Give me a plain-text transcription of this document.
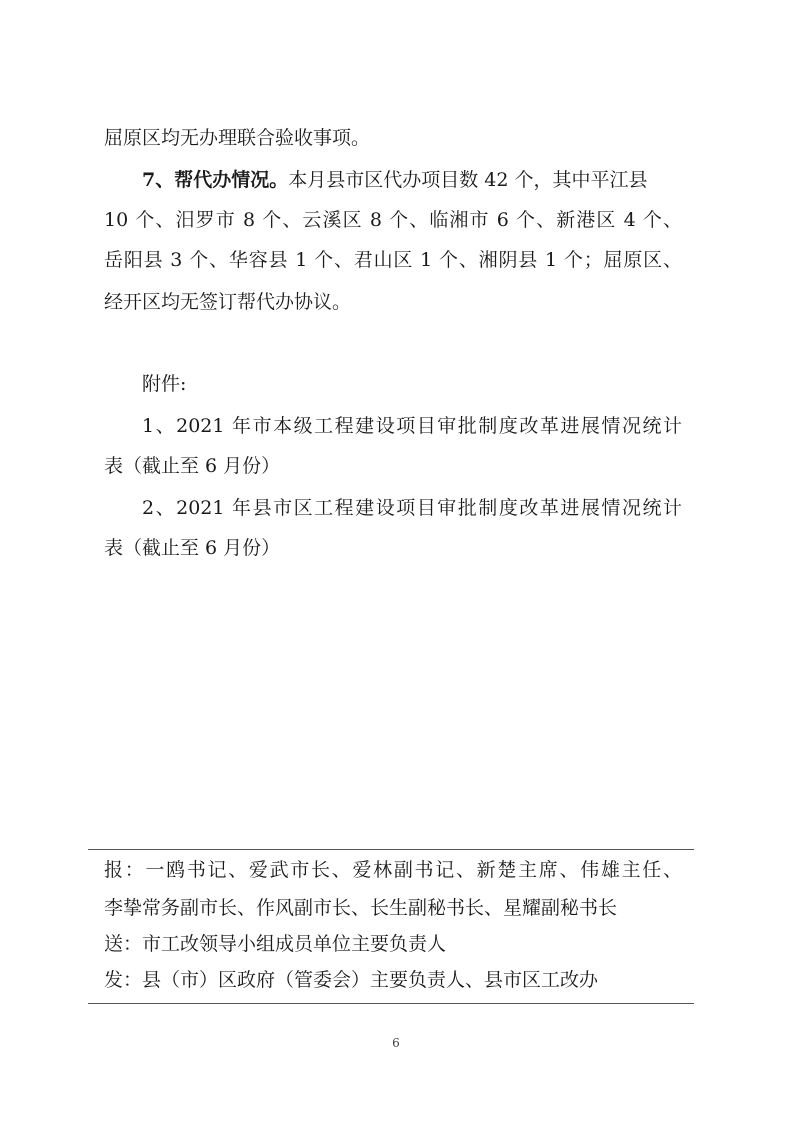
屈原区均无办理联合验收事项。
7、帮代办情况。本月县市区代办项目数 42 个，其中平江县
10 个、汨罗市 8 个、云溪区 8 个、临湘市 6 个、新港区 4 个、
岳阳县 3 个、华容县 1 个、君山区 1 个、湘阴县 1 个；屈原区、
经开区均无签订帮代办协议。
附件:
1、2021 年市本级工程建设项目审批制度改革进展情况统计
表（截止至 6 月份）
2、2021 年县市区工程建设项目审批制度改革进展情况统计
表（截止至 6 月份）
报：一鸥书记、爱武市长、爱林副书记、新楚主席、伟雄主任、
李挚常务副市长、作风副市长、长生副秘书长、星耀副秘书长
送：市工改领导小组成员单位主要负责人
发：县（市）区政府（管委会）主要负责人、县市区工改办
6
